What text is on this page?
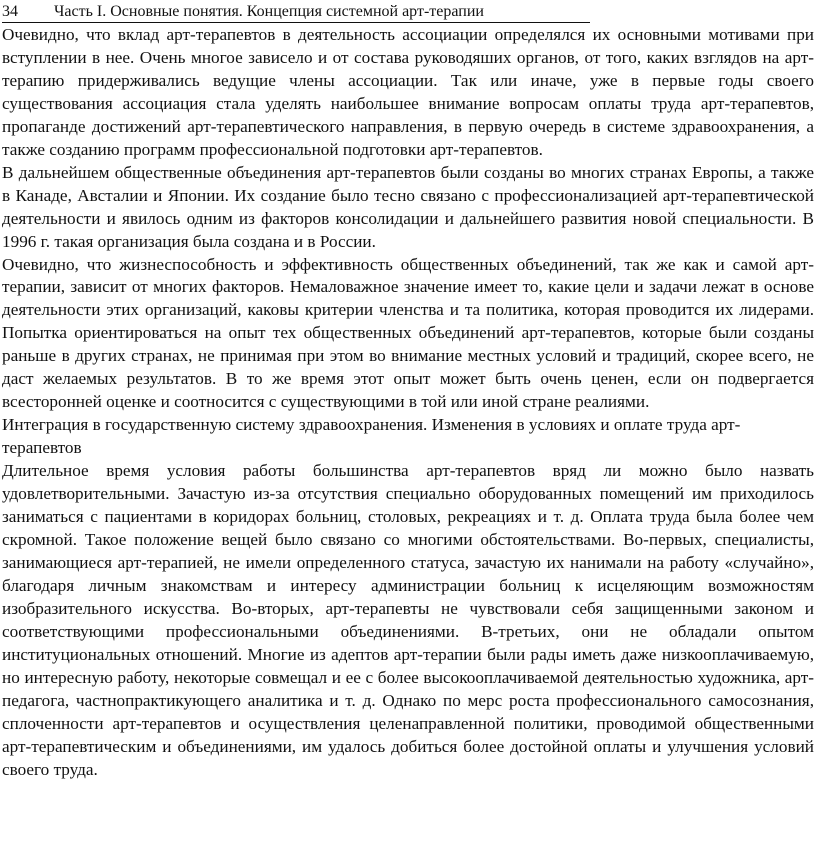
34	Часть I. Основные понятия. Концепция системной арт-терапии

Очевидно, что вклад арт-терапевтов в деятельность ассоциации определялся их основными мотивами при вступлении в нее. Очень многое зависело и от состава руководяших органов, от того, каких взглядов на арт-терапию придерживались ведущие члены ассоциации. Так или иначе, уже в первые годы своего существования ассоциация стала уделять наибольшее внимание вопросам оплаты труда арт-терапевтов, пропаганде достижений арт-терапевтического направления, в первую очередь в системе здравоохранения, а также созданию программ профессиональной подготовки арт-терапевтов.

В дальнейшем общественные объединения арт-терапевтов были созданы во многих странах Европы, а также в Канаде, Австалии и Японии. Их создание было тесно связано с профессионализацией арт-терапевтической деятельности и явилось одним из факторов консолидации и дальнейшего развития новой специальности. В 1996 г. такая организация была создана и в России.

Очевидно, что жизнеспособность и эффективность общественных объединений, так же как и самой арт-терапии, зависит от многих факторов. Немаловажное значение имеет то, какие цели и задачи лежат в основе деятельности этих организаций, каковы критерии членства и та политика, которая проводится их лидерами. Попытка ориентироваться на опыт тех общественных объединений арт-терапевтов, которые были созданы раньше в других странах, не принимая при этом во внимание местных условий и традиций, скорее всего, не даст желаемых результатов. В то же время этот опыт может быть очень ценен, если он подвергается всесторонней оценке и соотносится с существующими в той или иной стране реалиями.

Интеграция в государственную систему здравоохранения. Изменения в условиях и оплате труда арт-терапевтов

Длительное время условия работы большинства арт-терапевтов вряд ли можно было назвать удовлетворительными. Зачастую из-за отсутствия специально оборудованных помещений им приходилось заниматься с пациентами в коридорах больниц, столовых, рекреациях и т. д. Оплата труда была более чем скромной. Такое положение вещей было связано со многими обстоятельствами. Во-первых, специалисты, занимающиеся арт-терапией, не имели определенного статуса, зачастую их нанимали на работу «случайно», благодаря личным знакомствам и интересу администрации больниц к исцеляющим возможностям изобразительного искусства. Во-вторых, арт-терапевты не чувствовали себя защищенными законом и соответствующими профессиональными объединениями. В-третьих, они не обладали опытом институциональных отношений. Многие из адептов арт-терапии были рады иметь даже низкооплачиваемую, но интересную работу, некоторые совмещал и ее с более высокооплачиваемой деятельностью художника, арт-педагога, частнопрактикующего аналитика и т. д. Однако по мерс роста профессионального самосознания, сплоченности арт-терапевтов и осуществления целенаправленной политики, проводимой общественными арт-терапевтическим и объединениями, им удалось добиться более достойной оплаты и улучшения условий своего труда.
